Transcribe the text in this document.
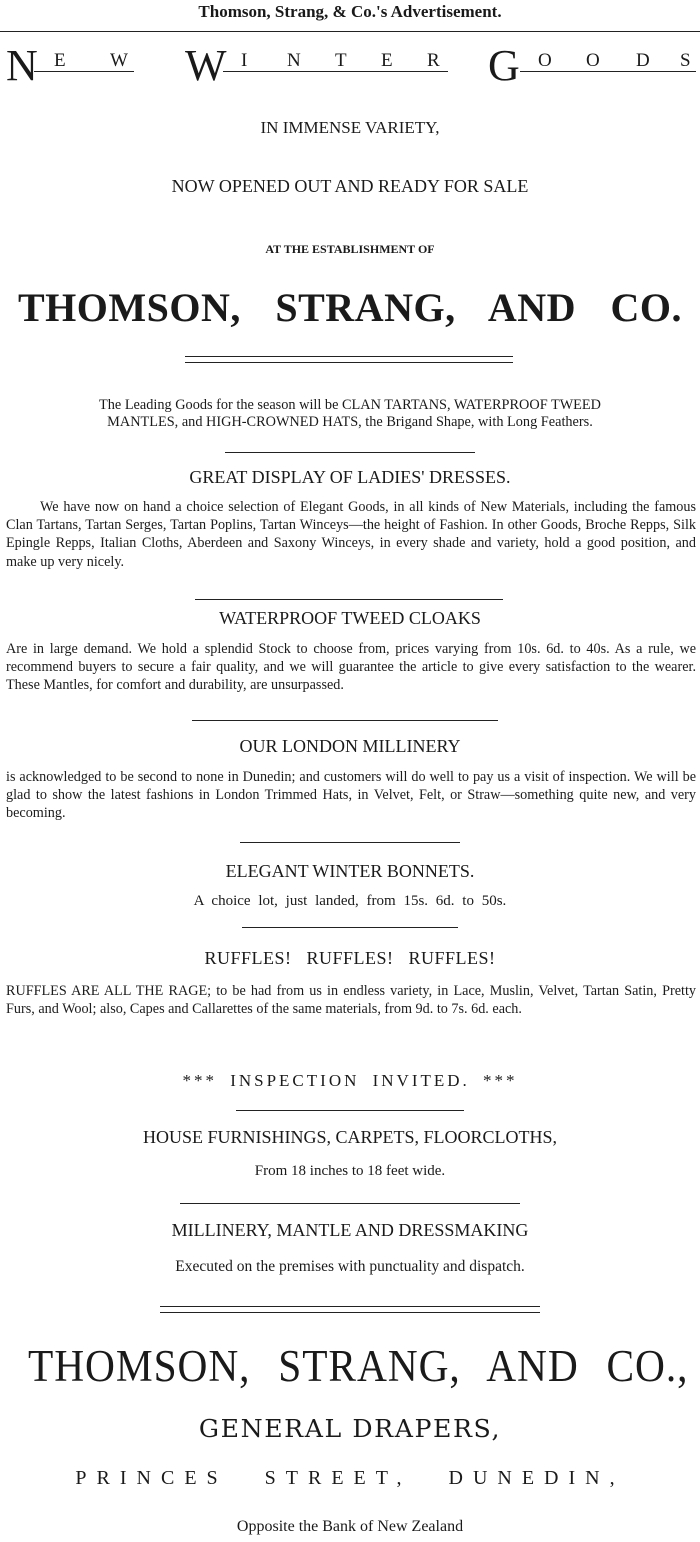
Thomson, Strang, & Co.'s Advertisement.
N E W W I N T E R G O O D S
IN IMMENSE VARIETY,
NOW OPENED OUT AND READY FOR SALE
AT THE ESTABLISHMENT OF
THOMSON, STRANG, AND CO.
The Leading Goods for the season will be CLAN TARTANS, WATERPROOF TWEED
MANTLES, and HIGH-CROWNED HATS, the Brigand Shape, with Long Feathers.
GREAT DISPLAY OF LADIES' DRESSES.
We have now on hand a choice selection of Elegant Goods, in all kinds of New Materials, including the famous Clan Tartans, Tartan Serges, Tartan Poplins, Tartan Winceys—the height of Fashion. In other Goods, Broche Repps, Silk Epingle Repps, Italian Cloths, Aberdeen and Saxony Winceys, in every shade and variety, hold a good position, and make up very nicely.
WATERPROOF TWEED CLOAKS
Are in large demand. We hold a splendid Stock to choose from, prices varying from 10s. 6d. to 40s. As a rule, we recommend buyers to secure a fair quality, and we will guarantee the article to give every satisfaction to the wearer. These Mantles, for comfort and durability, are unsurpassed.
OUR LONDON MILLINERY
is acknowledged to be second to none in Dunedin; and customers will do well to pay us a visit of inspection. We will be glad to show the latest fashions in London Trimmed Hats, in Velvet, Felt, or Straw—something quite new, and very becoming.
ELEGANT WINTER BONNETS.
A choice lot, just landed, from 15s. 6d. to 50s.
RUFFLES! RUFFLES! RUFFLES!
RUFFLES ARE ALL THE RAGE; to be had from us in endless variety, in Lace, Muslin, Velvet, Tartan Satin, Pretty Furs, and Wool; also, Capes and Callarettes of the same materials, from 9d. to 7s. 6d. each.
*** INSPECTION INVITED. ***
HOUSE FURNISHINGS, CARPETS, FLOORCLOTHS,
From 18 inches to 18 feet wide.
MILLINERY, MANTLE AND DRESSMAKING
Executed on the premises with punctuality and dispatch.
THOMSON, STRANG, AND CO.,
GENERAL DRAPERS,
PRINCES STREET, DUNEDIN,
Opposite the Bank of New Zealand
